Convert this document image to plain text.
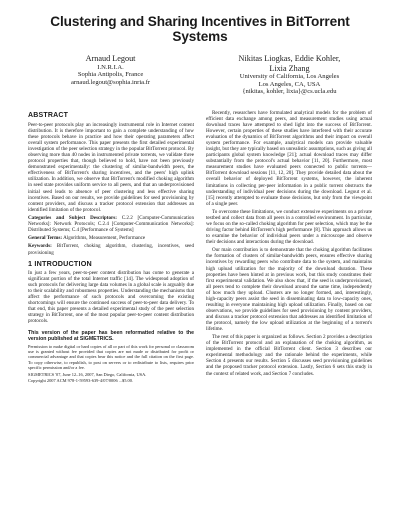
Clustering and Sharing Incentives in BitTorrent Systems
Arnaud Legout
I.N.R.I.A.
Sophia Antipolis, France
arnaud.legout@sophia.inria.fr
Nikitas Liogkas, Eddie Kohler,
Lixia Zhang
University of California, Los Angeles
Los Angeles, CA, USA
{nikitas, kohler, lixia}@cs.ucla.edu
ABSTRACT

Peer-to-peer protocols play an increasingly instrumental role in Internet content distribution. It is therefore important to gain a complete understanding of how these protocols behave in practice and how their operating parameters affect overall system performance. This paper presents the first detailed experimental investigation of the peer selection strategy in the popular BitTorrent protocol. By observing more than 40 nodes in instrumented private torrents, we validate three protocol properties that, though believed to hold, have not been previously demonstrated experimentally: the clustering of similar-bandwidth peers, the effectiveness of BitTorrent's sharing incentives, and the peers' high uplink utilization. In addition, we observe that BitTorrent's modified choking algorithm in seed state provides uniform service to all peers, and that an underprovisioned initial seed leads to absence of peer clustering and less effective sharing incentives. Based on our results, we provide guidelines for seed provisioning by content providers, and discuss a tracker protocol extension that addresses an identified limitation of the protocol.

Categories and Subject Descriptors: C.2.2 [Computer-Communication Networks]: Network Protocols; C.2.4 [Computer-Communication Networks]: Distributed Systems; C.4 [Performance of Systems]

General Terms: Algorithms, Measurement, Performance

Keywords: BitTorrent, choking algorithm, clustering, incentives, seed provisioning

1 INTRODUCTION

In just a few years, peer-to-peer content distribution has come to generate a significant portion of the total Internet traffic [14]. The widespread adoption of such protocols for delivering large data volumes in a global scale is arguably due to their scalability and robustness properties. Understanding the mechanisms that affect the performance of such protocols and overcoming the existing shortcomings will ensure the continued success of peer-to-peer data delivery. To that end, this paper presents a detailed experimental study of the peer selection strategy in BitTorrent, one of the most popular peer-to-peer content distribution protocols.

This version of the paper has been reformatted relative to the version published at SIGMETRICS.

Permission to make digital or hard copies of all or part of this work for personal or classroom use is granted without fee provided that copies are not made or distributed for profit or commercial advantage and that copies bear this notice and the full citation on the first page. To copy otherwise, to republish, to post on servers or to redistribute to lists, requires prior specific permission and/or a fee.

SIGMETRICS '07, June 12–16, 2007, San Diego, California, USA.

Copyright 2007 ACM 978-1-59593-639-4/07/0006 ...$5.00.

Recently, researchers have formulated analytical models for the problem of efficient data exchange among peers, and measurement studies using actual download traces have attempted to shed light into the success of BitTorrent. However, certain properties of these studies have interfered with their accurate evaluation of the dynamics of BitTorrent algorithms and their impact on overall system performance. For example, analytical models can provide valuable insight, but they are typically based on unrealistic assumptions, such as giving all participants global system knowledge [21]; actual download traces may differ substantially from the protocol's actual behavior [11, 20]. Furthermore, most measurement studies have evaluated peers connected to public torrents—BitTorrent download sessions [11, 12, 20]. They provide detailed data about the overall behavior of deployed BitTorrent systems, however, the inherent limitations in collecting per-peer information in a public torrent obstructs the understanding of individual peer decisions during the download. Legout et al. [15] recently attempted to evaluate those decisions, but only from the viewpoint of a single peer.

To overcome these limitations, we conduct extensive experiments on a private testbed and collect data from all peers in a controlled environment. In particular, we focus on the so-called choking algorithm for peer selection, which may be the driving factor behind BitTorrent's high performance [8]. This approach allows us to examine the behavior of individual peers under a microscope and observe their decisions and interactions during the download.

Our main contribution is to demonstrate that the choking algorithm facilitates the formation of clusters of similar-bandwidth peers, ensures effective sharing incentives by rewarding peers who contribute data to the system, and maintains high upload utilization for the majority of the download duration. These properties have been hinted at in previous work, but this study constitutes their first experimental validation. We also show that, if the seed is underprovisioned, all peers tend to complete their download around the same time, independently of how much they upload. Clusters are no longer formed, and, interestingly, high-capacity peers assist the seed in disseminating data to low-capacity ones, resulting in everyone maintaining high upload utilization. Finally, based on our observations, we provide guidelines for seed provisioning by content providers, and discuss a tracker protocol extension that addresses an identified limitation of the protocol, namely the low upload utilization at the beginning of a torrent's lifetime.

The rest of this paper is organized as follows. Section 2 provides a description of the BitTorrent protocol and an explanation of the choking algorithm, as implemented in the official BitTorrent client. Section 3 describes our experimental methodology and the rationale behind the experiments, while Section 4 presents our results. Section 5 discusses seed provisioning guidelines and the proposed tracker protocol extension. Lastly, Section 6 sets this study in the context of related work, and Section 7 concludes.
